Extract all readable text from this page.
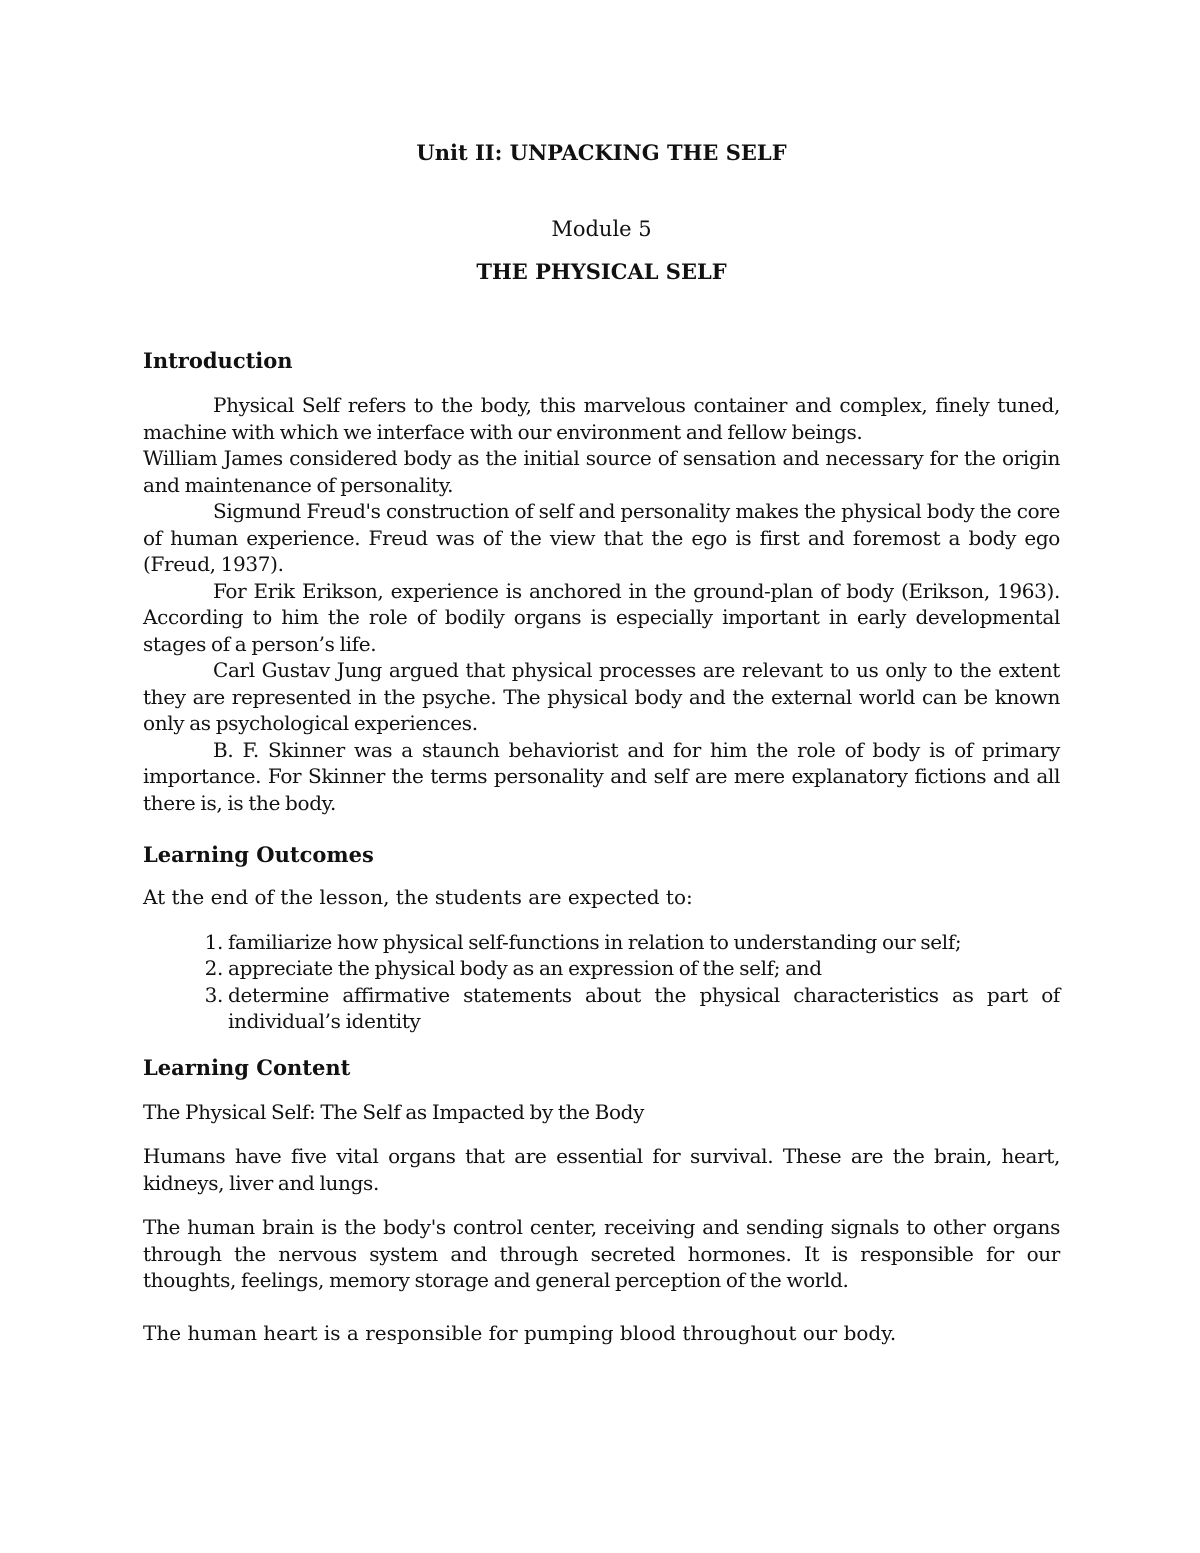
Unit II: UNPACKING THE SELF
Module 5
THE PHYSICAL SELF
Introduction

Physical Self refers to the body, this marvelous container and complex, finely tuned, machine with which we interface with our environment and fellow beings.

William James considered body as the initial source of sensation and necessary for the origin and maintenance of personality.

Sigmund Freud's construction of self and personality makes the physical body the core of human experience. Freud was of the view that the ego is first and foremost a body ego (Freud, 1937).

For Erik Erikson, experience is anchored in the ground-plan of body (Erikson, 1963). According to him the role of bodily organs is especially important in early developmental stages of a person’s life.

Carl Gustav Jung argued that physical processes are relevant to us only to the extent they are represented in the psyche. The physical body and the external world can be known only as psychological experiences.

B. F. Skinner was a staunch behaviorist and for him the role of body is of primary importance. For Skinner the terms personality and self are mere explanatory fictions and all there is, is the body.

Learning Outcomes

At the end of the lesson, the students are expected to:

1. familiarize how physical self-functions in relation to understanding our self;
2. appreciate the physical body as an expression of the self; and
3. determine affirmative statements about the physical characteristics as part of individual’s identity
Learning Content

The Physical Self: The Self as Impacted by the Body

Humans have five vital organs that are essential for survival. These are the brain, heart, kidneys, liver and lungs.

The human brain is the body's control center, receiving and sending signals to other organs through the nervous system and through secreted hormones. It is responsible for our thoughts, feelings, memory storage and general perception of the world.

The human heart is a responsible for pumping blood throughout our body.
